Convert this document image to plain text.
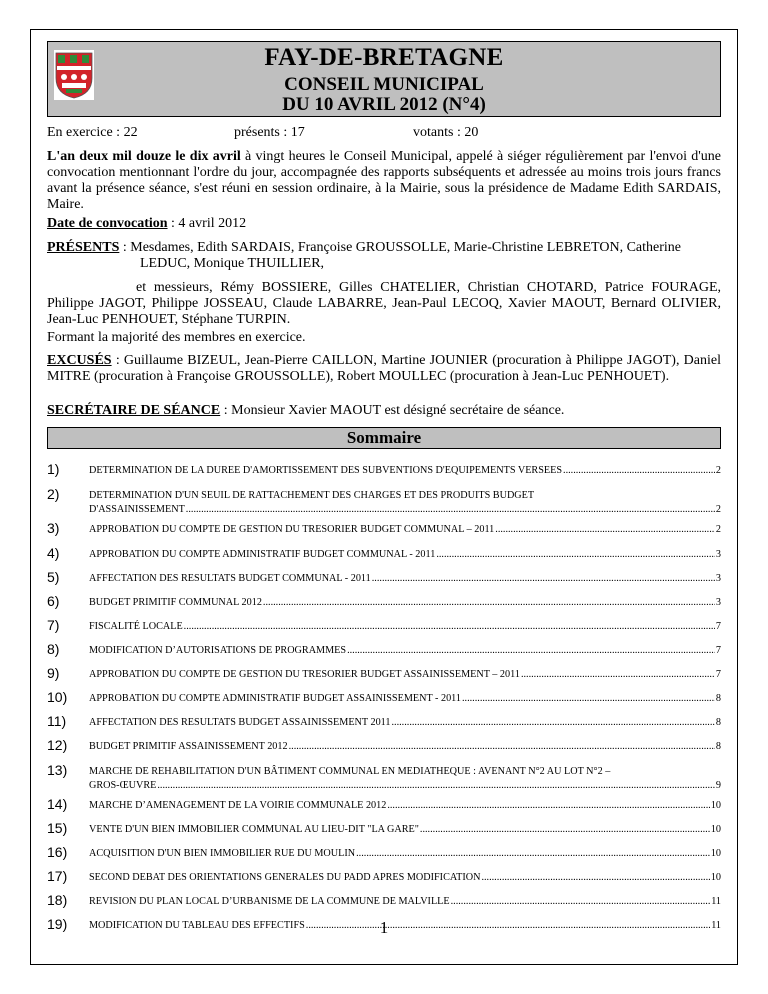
FAY-DE-BRETAGNE
CONSEIL MUNICIPAL
DU 10 AVRIL 2012 (N°4)
En exercice : 22	présents : 17	votants : 20
L'an deux mil douze le dix avril à vingt heures le Conseil Municipal, appelé à siéger régulièrement par l'envoi d'une convocation mentionnant l'ordre du jour, accompagnée des rapports subséquents et adressée au moins trois jours francs avant la présence séance, s'est réuni en session ordinaire, à la Mairie, sous la présidence de Madame Edith SARDAIS, Maire.
Date de convocation : 4 avril 2012
PRÉSENTS : Mesdames, Edith SARDAIS, Françoise GROUSSOLLE, Marie-Christine LEBRETON, Catherine
LEDUC, Monique THUILLIER,
et messieurs, Rémy BOSSIERE, Gilles CHATELIER, Christian CHOTARD, Patrice FOURAGE, Philippe JAGOT, Philippe JOSSEAU, Claude LABARRE, Jean-Paul LECOQ, Xavier MAOUT, Bernard OLIVIER, Jean-Luc PENHOUET, Stéphane TURPIN.
Formant la majorité des membres en exercice.
EXCUSÉS : Guillaume BIZEUL, Jean-Pierre CAILLON, Martine JOUNIER (procuration à Philippe JAGOT), Daniel MITRE (procuration à Françoise GROUSSOLLE), Robert MOULLEC (procuration à Jean-Luc PENHOUET).
SECRÉTAIRE DE SÉANCE : Monsieur Xavier MAOUT est désigné secrétaire de séance.
Sommaire
1)	DETERMINATION DE LA DUREE D'AMORTISSEMENT DES SUBVENTIONS D'EQUIPEMENTS VERSEES .....	2
2)	DETERMINATION D'UN SEUIL DE RATTACHEMENT DES CHARGES ET DES PRODUITS BUDGET
D'ASSAINISSEMENT .....	2
3)	APPROBATION DU COMPTE DE GESTION DU TRESORIER BUDGET COMMUNAL – 2011 .....	2
4)	APPROBATION DU COMPTE ADMINISTRATIF BUDGET COMMUNAL - 2011 .....	3
5)	AFFECTATION DES RESULTATS BUDGET COMMUNAL - 2011 .....	3
6)	BUDGET PRIMITIF COMMUNAL 2012 .....	3
7)	FISCALITÉ LOCALE .....	7
8)	MODIFICATION D’AUTORISATIONS DE PROGRAMMES .....	7
9)	APPROBATION DU COMPTE DE GESTION DU TRESORIER BUDGET ASSAINISSEMENT – 2011 .....	7
10) APPROBATION DU COMPTE ADMINISTRATIF BUDGET ASSAINISSEMENT - 2011 .....	8
11) AFFECTATION DES RESULTATS BUDGET ASSAINISSEMENT 2011 .....	8
12) BUDGET PRIMITIF ASSAINISSEMENT 2012 .....	8
13) MARCHE DE REHABILITATION D'UN BÂTIMENT COMMUNAL EN MEDIATHEQUE : AVENANT N°2 AU LOT N°2 –
GROS-ŒUVRE .....	9
14) MARCHE D’AMENAGEMENT DE LA VOIRIE COMMUNALE 2012 .....	10
15) VENTE D'UN BIEN IMMOBILIER COMMUNAL AU LIEU-DIT "LA GARE" .....	10
16) ACQUISITION D'UN BIEN IMMOBILIER RUE DU MOULIN .....	10
17) SECOND DEBAT DES ORIENTATIONS GENERALES DU PADD APRES MODIFICATION .....	10
18) REVISION DU PLAN LOCAL D’URBANISME DE LA COMMUNE DE MALVILLE .....	11
19) MODIFICATION DU TABLEAU DES EFFECTIFS .....	11
1
